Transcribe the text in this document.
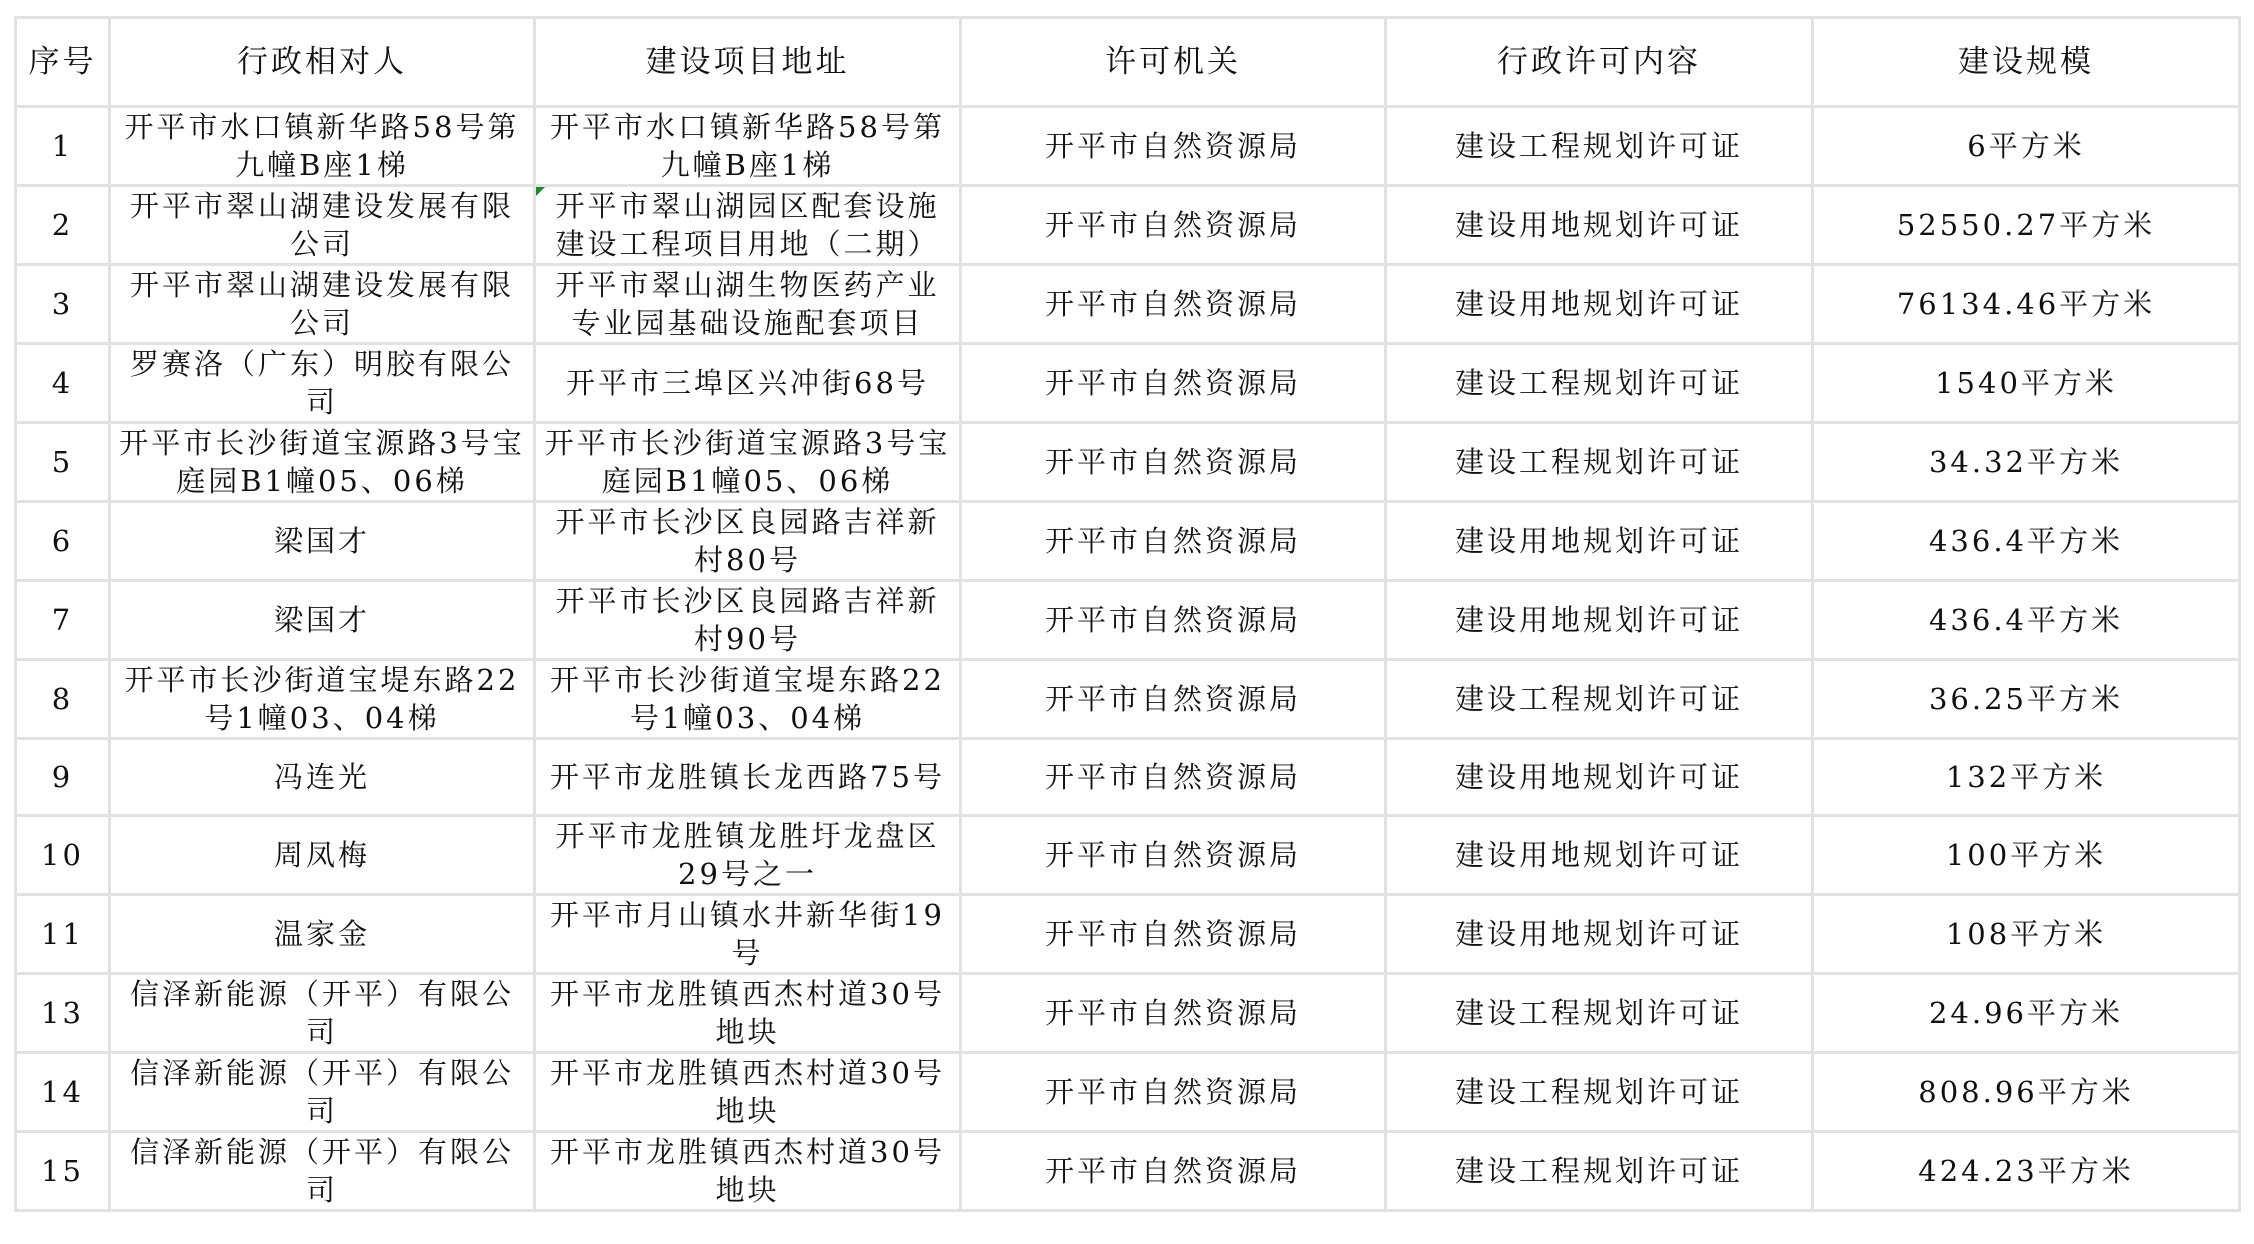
序号	行政相对人	建设项目地址	许可机关	行政许可内容	建设规模

1	开平市水口镇新华路58号第九幢B座1梯	开平市水口镇新华路58号第九幢B座1梯	开平市自然资源局	建设工程规划许可证	6平方米

2	开平市翠山湖建设发展有限公司	开平市翠山湖园区配套设施建设工程项目用地（二期）	开平市自然资源局	建设用地规划许可证	52550.27平方米

3	开平市翠山湖建设发展有限公司	开平市翠山湖生物医药产业专业园基础设施配套项目	开平市自然资源局	建设用地规划许可证	76134.46平方米

4	罗赛洛（广东）明胶有限公司	开平市三埠区兴冲街68号	开平市自然资源局	建设工程规划许可证	1540平方米

5	开平市长沙街道宝源路3号宝庭园B1幢05、06梯	开平市长沙街道宝源路3号宝庭园B1幢05、06梯	开平市自然资源局	建设工程规划许可证	34.32平方米

6	梁国才	开平市长沙区良园路吉祥新村80号	开平市自然资源局	建设用地规划许可证	436.4平方米

7	梁国才	开平市长沙区良园路吉祥新村90号	开平市自然资源局	建设用地规划许可证	436.4平方米

8	开平市长沙街道宝堤东路22号1幢03、04梯	开平市长沙街道宝堤东路22号1幢03、04梯	开平市自然资源局	建设工程规划许可证	36.25平方米

9	冯连光	开平市龙胜镇长龙西路75号	开平市自然资源局	建设用地规划许可证	132平方米

10	周凤梅	开平市龙胜镇龙胜圩龙盘区29号之一	开平市自然资源局	建设用地规划许可证	100平方米

11	温家金	开平市月山镇水井新华街19号	开平市自然资源局	建设用地规划许可证	108平方米

13	信泽新能源（开平）有限公司	开平市龙胜镇西杰村道30号地块	开平市自然资源局	建设工程规划许可证	24.96平方米

14	信泽新能源（开平）有限公司	开平市龙胜镇西杰村道30号地块	开平市自然资源局	建设工程规划许可证	808.96平方米

15	信泽新能源（开平）有限公司	开平市龙胜镇西杰村道30号地块	开平市自然资源局	建设工程规划许可证	424.23平方米
